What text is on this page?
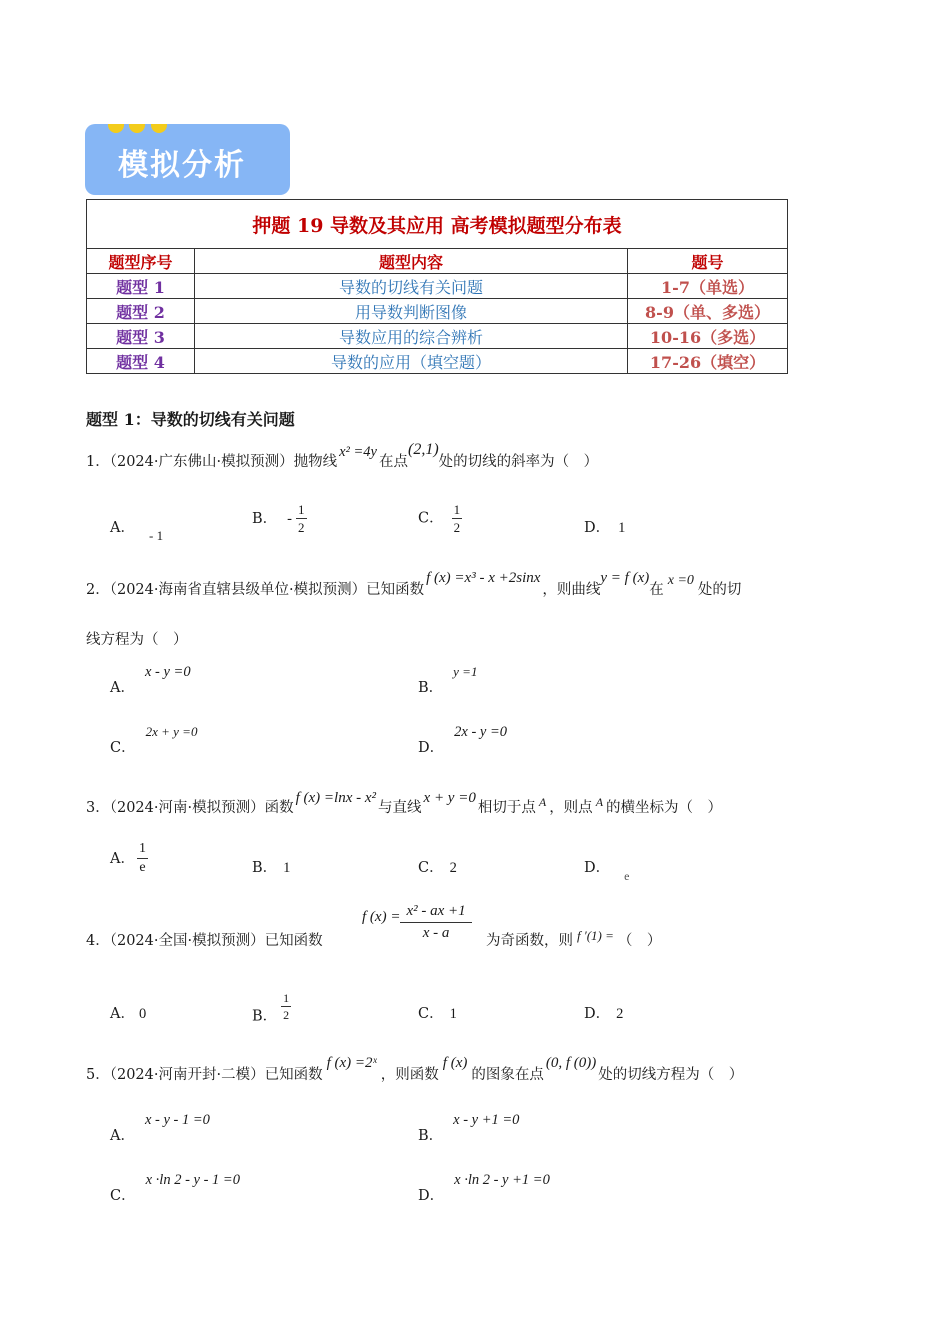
模拟分析
押题 19 导数及其应用 高考模拟题型分布表		
题型序号	题型内容	题号
题型 1	导数的切线有关问题	1-7（单选）
题型 2	用导数判断图像	8-9（单、多选）
题型 3	导数应用的综合辨析	10-16（多选）
题型 4	导数的应用（填空题）	17-26（填空）
题型 1：导数的切线有关问题
1．（2024·广东佛山·模拟预测）抛物线x² =4y在点(2,1)处的切线的斜率为（　）
A． - 1
B． - $\frac{1}{2}$	C． $\frac{1}{2}$	D． 1
2．（2024·海南省直辖县级单位·模拟预测）已知函数f (x) =x³ - x +2sinx，则曲线y = f (x)在x =0处的切
线方程为（　）
A．x - y =0
B．y =1
C．2x + y =0
D．2x - y =0
3．（2024·河南·模拟预测）函数f (x) =lnx - x²与直线x + y =0相切于点 $^A$ ，则点 $^A$ 的横坐标为（　）
A． $\frac{1}{e}$	B． 1	C． 2	D． $_e$
4．（2024·全国·模拟预测）已知函数
f $(x) = \frac{\text{x² - ax +1}}{x - a}$ 为奇函数，则 f ′(1) = （　）
A． 0	B． $\frac{1}{2}$	C． 1	D． 2
5．（2024·河南开封·二模）已知函数f (x) =2ˣ，则函数f (x)的图象在点(0, f (0))处的切线方程为（　）
A．x - y - 1 =0
B．x - y +1 =0
C．x ·ln 2 - y - 1 =0
D．x ·ln 2 - y +1 =0
